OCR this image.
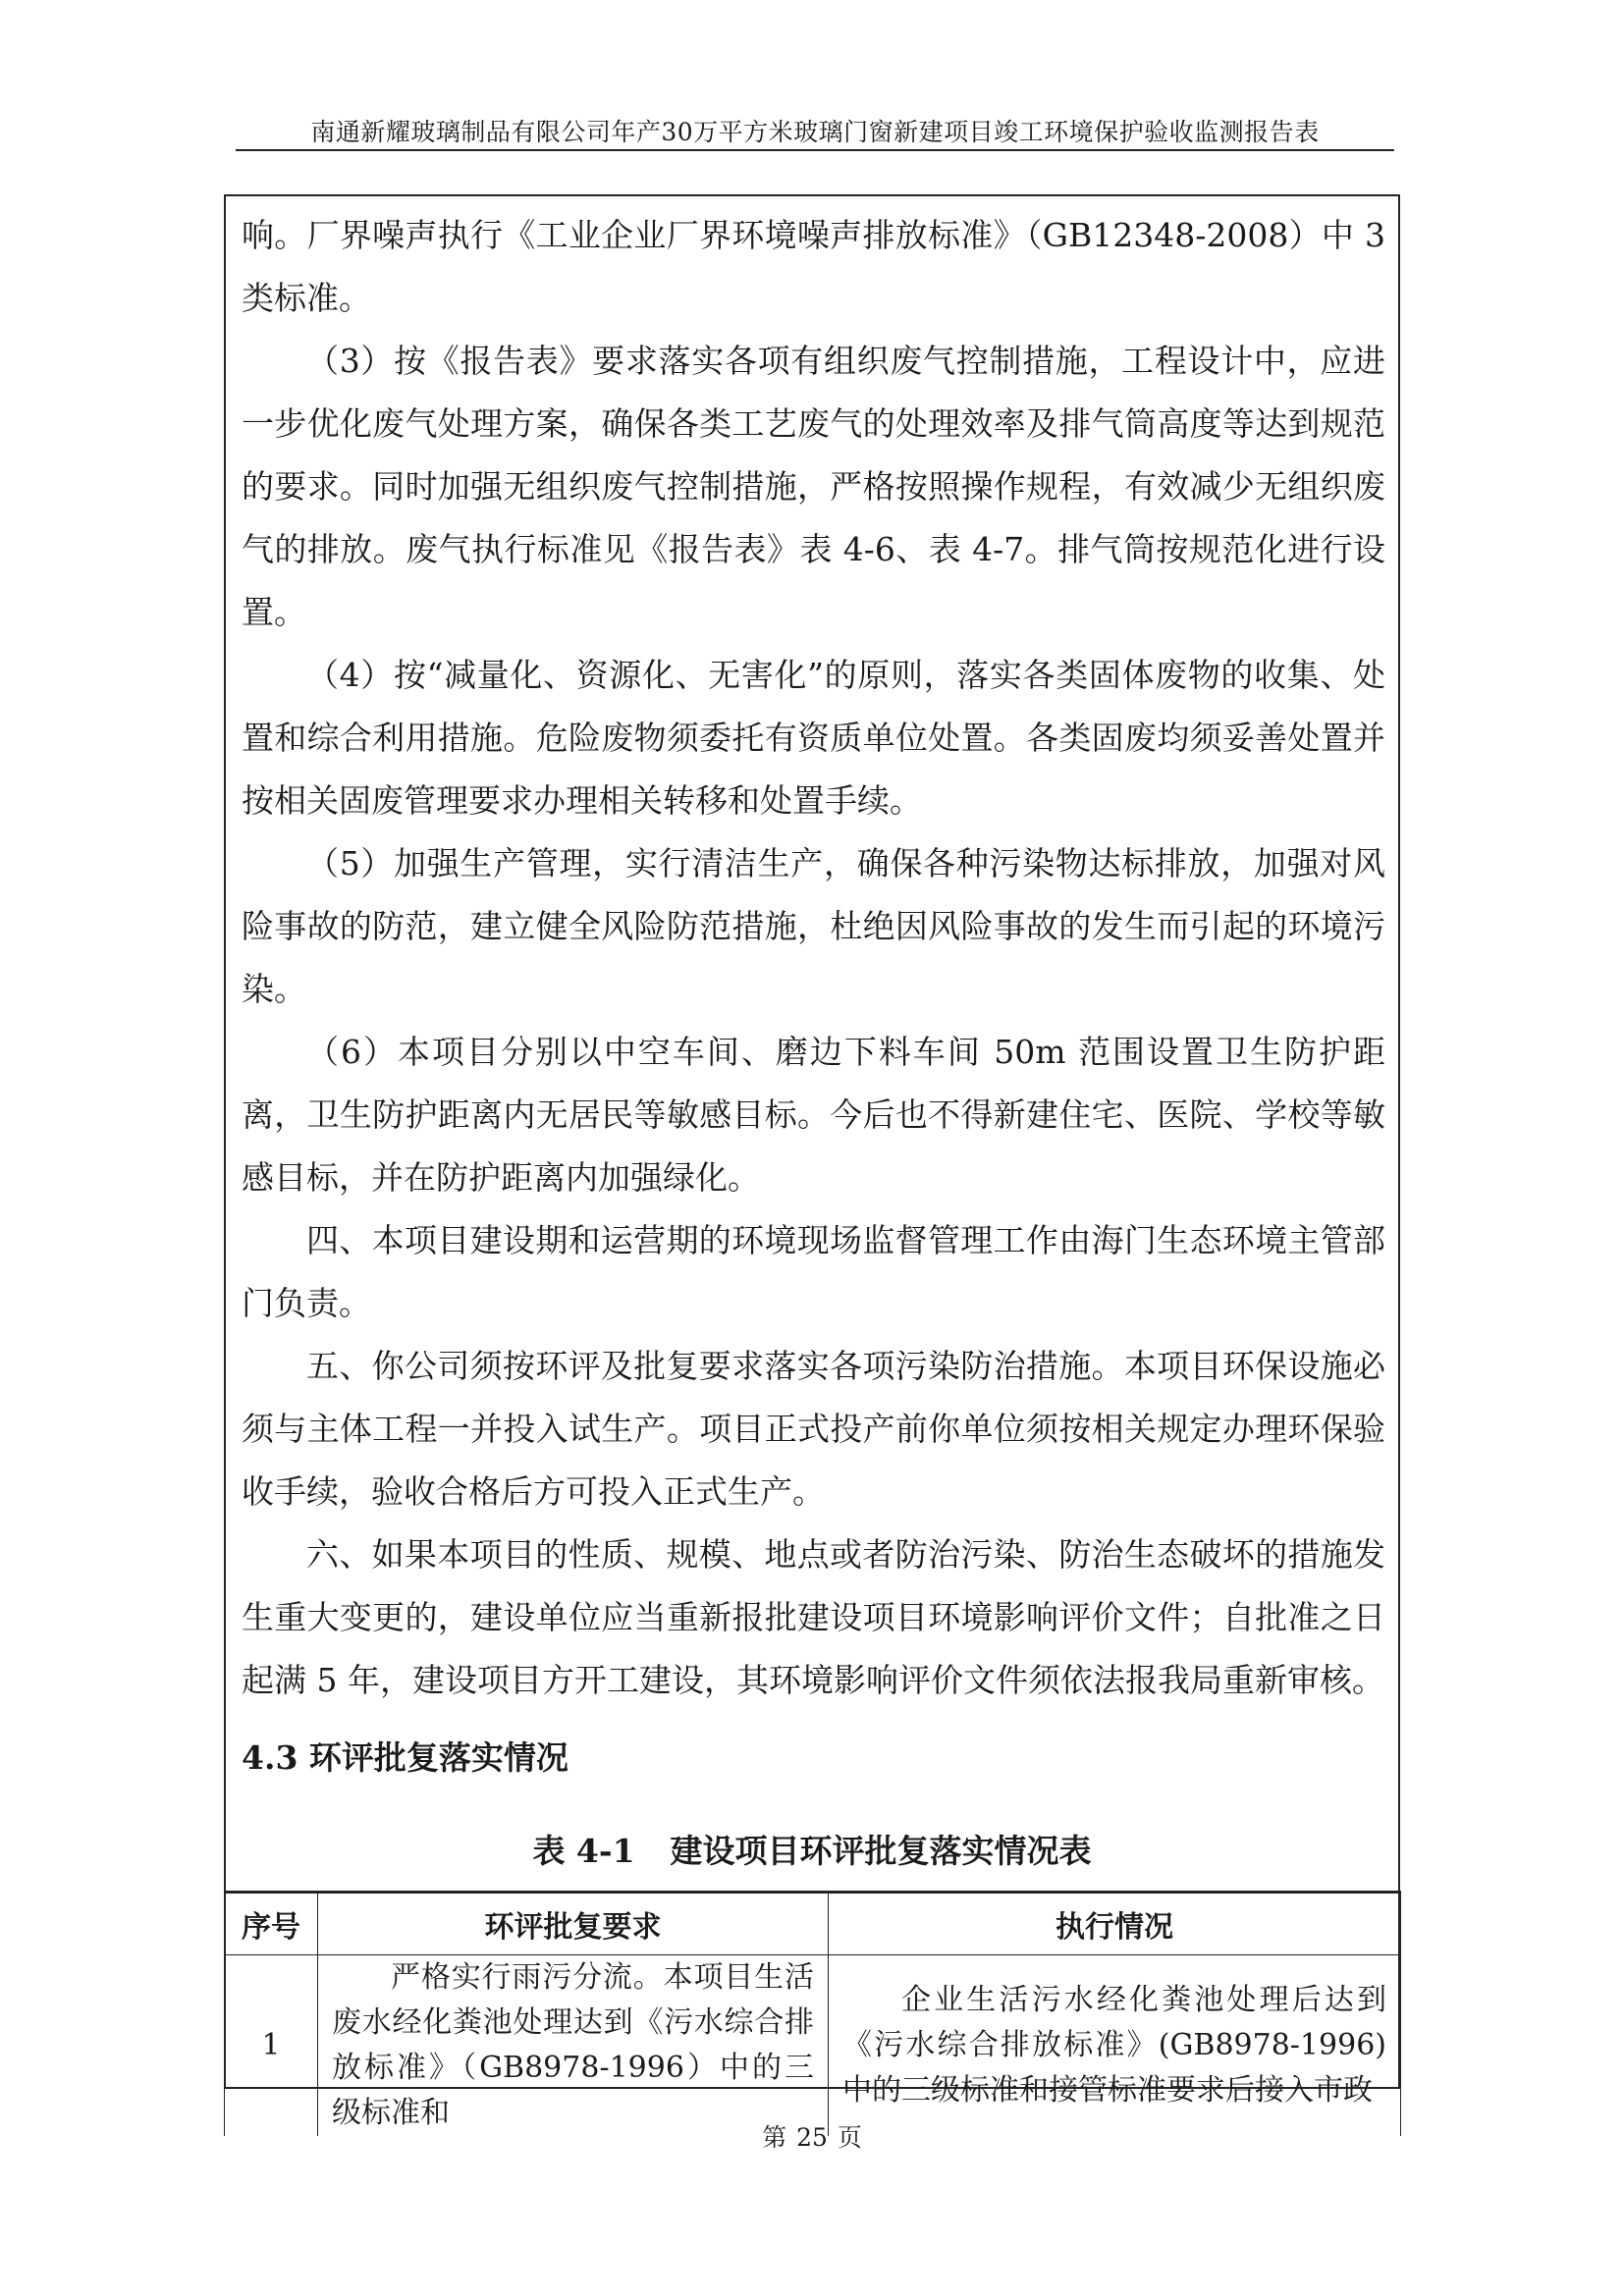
南通新耀玻璃制品有限公司年产30万平方米玻璃门窗新建项目竣工环境保护验收监测报告表

响。厂界噪声执行《工业企业厂界环境噪声排放标准》（GB12348-2008）中 3 类标准。

（3）按《报告表》要求落实各项有组织废气控制措施，工程设计中，应进一步优化废气处理方案，确保各类工艺废气的处理效率及排气筒高度等达到规范的要求。同时加强无组织废气控制措施，严格按照操作规程，有效减少无组织废气的排放。废气执行标准见《报告表》表 4-6、表 4-7。排气筒按规范化进行设置。

（4）按“减量化、资源化、无害化”的原则，落实各类固体废物的收集、处置和综合利用措施。危险废物须委托有资质单位处置。各类固废均须妥善处置并按相关固废管理要求办理相关转移和处置手续。

（5）加强生产管理，实行清洁生产，确保各种污染物达标排放，加强对风险事故的防范，建立健全风险防范措施，杜绝因风险事故的发生而引起的环境污染。

（6）本项目分别以中空车间、磨边下料车间 50m 范围设置卫生防护距离，卫生防护距离内无居民等敏感目标。今后也不得新建住宅、医院、学校等敏感目标，并在防护距离内加强绿化。

四、本项目建设期和运营期的环境现场监督管理工作由海门生态环境主管部门负责。

五、你公司须按环评及批复要求落实各项污染防治措施。本项目环保设施必须与主体工程一并投入试生产。项目正式投产前你单位须按相关规定办理环保验收手续，验收合格后方可投入正式生产。

六、如果本项目的性质、规模、地点或者防治污染、防治生态破坏的措施发生重大变更的，建设单位应当重新报批建设项目环境影响评价文件；自批准之日起满 5 年，建设项目方开工建设，其环境影响评价文件须依法报我局重新审核。

4.3 环评批复落实情况

表 4-1 建设项目环评批复落实情况表

序号	环评批复要求	执行情况
1	严格实行雨污分流。本项目生活废水经化粪池处理达到《污水综合排放标准》（GB8978-1996）中的三级标准和	企业生活污水经化粪池处理后达到《污水综合排放标准》(GB8978-1996)中的三级标准和接管标准要求后接入市政
第 25 页
